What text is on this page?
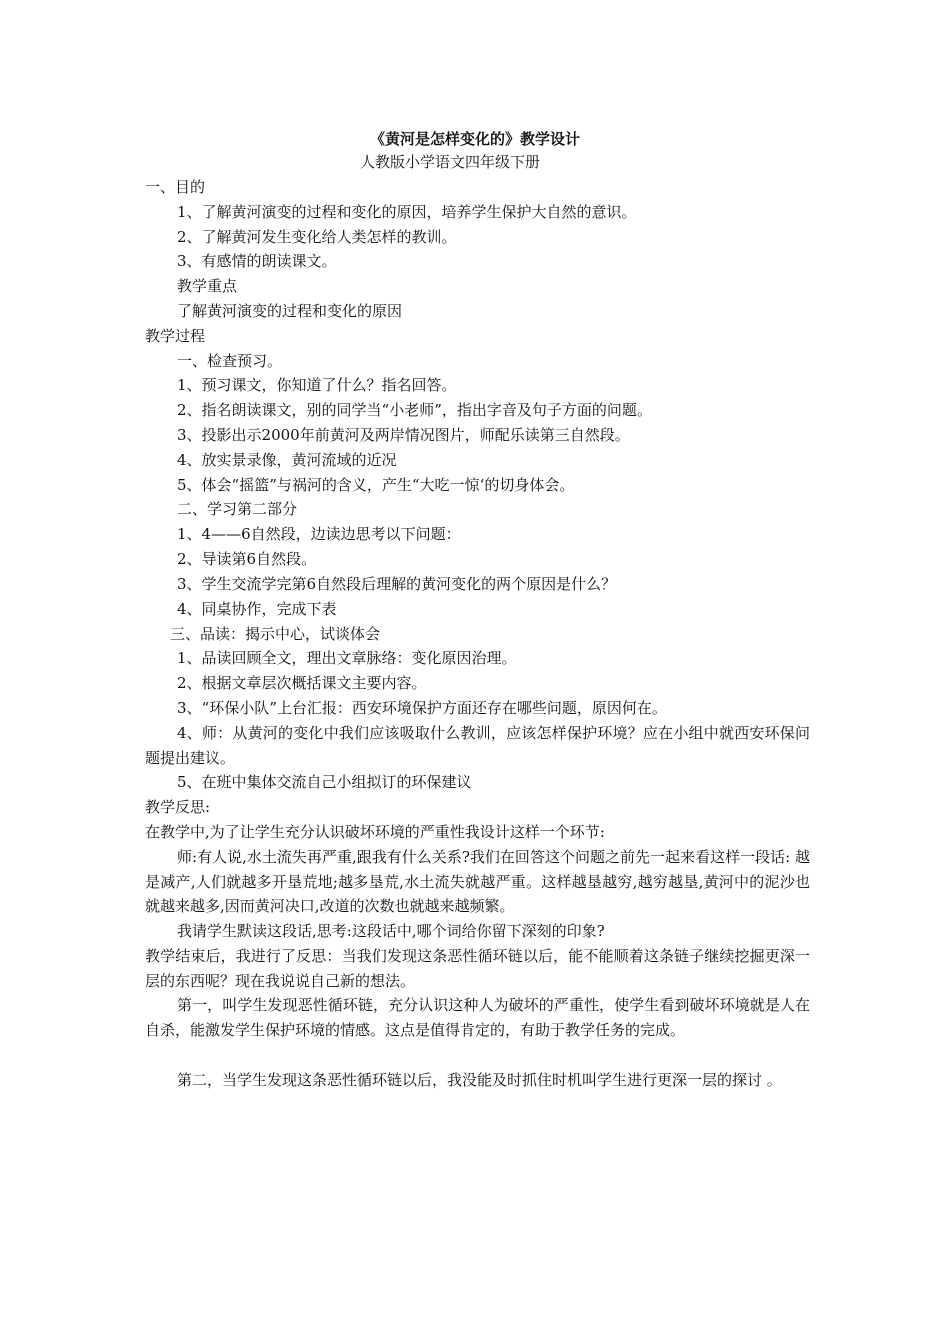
《黄河是怎样变化的》教学设计
人教版小学语文四年级下册
一、目的
1、了解黄河演变的过程和变化的原因，培养学生保护大自然的意识。
2、了解黄河发生变化给人类怎样的教训。
3、有感情的朗读课文。
教学重点
了解黄河演变的过程和变化的原因
教学过程
一、检查预习。
1、预习课文，你知道了什么？指名回答。
2、指名朗读课文，别的同学当“小老师”，指出字音及句子方面的问题。
3、投影出示2000年前黄河及两岸情况图片，师配乐读第三自然段。
4、放实景录像，黄河流域的近况
5、体会“摇篮”与祸河的含义，产生“大吃一惊‘的切身体会。
二、学习第二部分
1、4——6自然段，边读边思考以下问题：
2、导读第6自然段。
3、学生交流学完第6自然段后理解的黄河变化的两个原因是什么？
4、同桌协作，完成下表
三、品读：揭示中心，试谈体会
1、品读回顾全文，理出文章脉络：变化原因治理。
2、根据文章层次概括课文主要内容。
3、“环保小队”上台汇报：西安环境保护方面还存在哪些问题，原因何在。
4、师：从黄河的变化中我们应该吸取什么教训，应该怎样保护环境？应在小组中就西安环保问题提出建议。
5、在班中集体交流自己小组拟订的环保建议
教学反思:
在教学中,为了让学生充分认识破坏环境的严重性我设计这样一个环节:
师:有人说,水土流失再严重,跟我有什么关系?我们在回答这个问题之前先一起来看这样一段话: 越是减产,人们就越多开垦荒地;越多垦荒,水土流失就越严重。这样越垦越穷,越穷越垦,黄河中的泥沙也就越来越多,因而黄河决口,改道的次数也就越来越频繁。
我请学生默读这段话,思考:这段话中,哪个词给你留下深刻的印象?
教学结束后，我进行了反思：当我们发现这条恶性循环链以后，能不能顺着这条链子继续挖掘更深一层的东西呢？现在我说说自己新的想法。
第一，叫学生发现恶性循环链，充分认识这种人为破坏的严重性，使学生看到破坏环境就是人在自杀，能激发学生保护环境的情感。这点是值得肯定的，有助于教学任务的完成。
第二，当学生发现这条恶性循环链以后，我没能及时抓住时机叫学生进行更深一层的探讨 。
